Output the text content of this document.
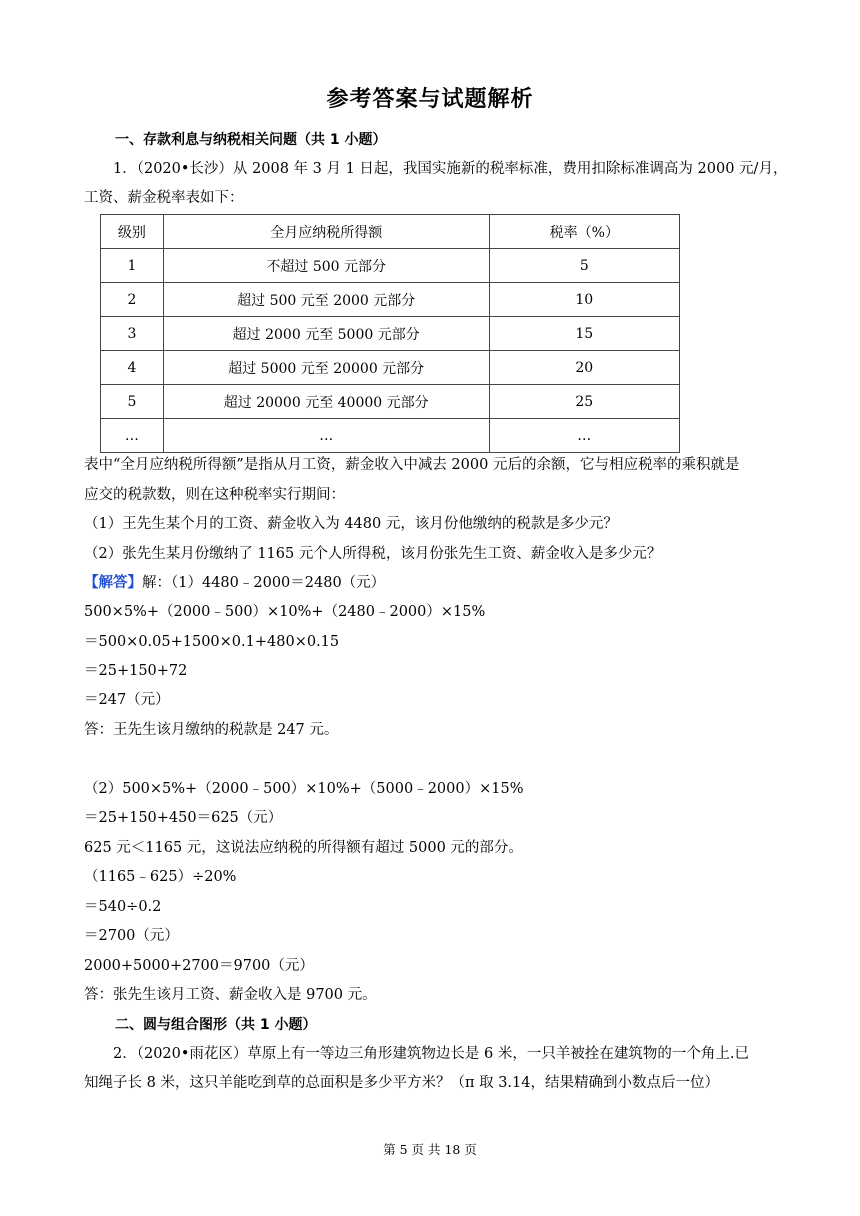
参考答案与试题解析
一、存款利息与纳税相关问题（共 1 小题）
1．（2020•长沙）从 2008 年 3 月 1 日起，我国实施新的税率标准，费用扣除标准调高为 2000 元/月，
工资、薪金税率表如下：
级别	全月应纳税所得额	税率（%）
1	不超过 500 元部分	5
2	超过 500 元至 2000 元部分	10
3	超过 2000 元至 5000 元部分	15
4	超过 5000 元至 20000 元部分	20
5	超过 20000 元至 40000 元部分	25
…	…	…
表中“全月应纳税所得额”是指从月工资，薪金收入中减去 2000 元后的余额，它与相应税率的乘积就是
应交的税款数，则在这种税率实行期间：
（1）王先生某个月的工资、薪金收入为 4480 元，该月份他缴纳的税款是多少元？
（2）张先生某月份缴纳了 1165 元个人所得税，该月份张先生工资、薪金收入是多少元？
【解答】解：（1）4480﹣2000＝2480（元）
500×5%+（2000﹣500）×10%+（2480﹣2000）×15%
＝500×0.05+1500×0.1+480×0.15
＝25+150+72
＝247（元）
答：王先生该月缴纳的税款是 247 元。
（2）500×5%+（2000﹣500）×10%+（5000﹣2000）×15%
＝25+150+450＝625（元）
625 元＜1165 元，这说法应纳税的所得额有超过 5000 元的部分。
（1165﹣625）÷20%
＝540÷0.2
＝2700（元）
2000+5000+2700＝9700（元）
答：张先生该月工资、薪金收入是 9700 元。
二、圆与组合图形（共 1 小题）
2．（2020•雨花区）草原上有一等边三角形建筑物边长是 6 米，一只羊被拴在建筑物的一个角上.已
知绳子长 8 米，这只羊能吃到草的总面积是多少平方米？（π 取 3.14，结果精确到小数点后一位）
第 5 页 共 18 页
